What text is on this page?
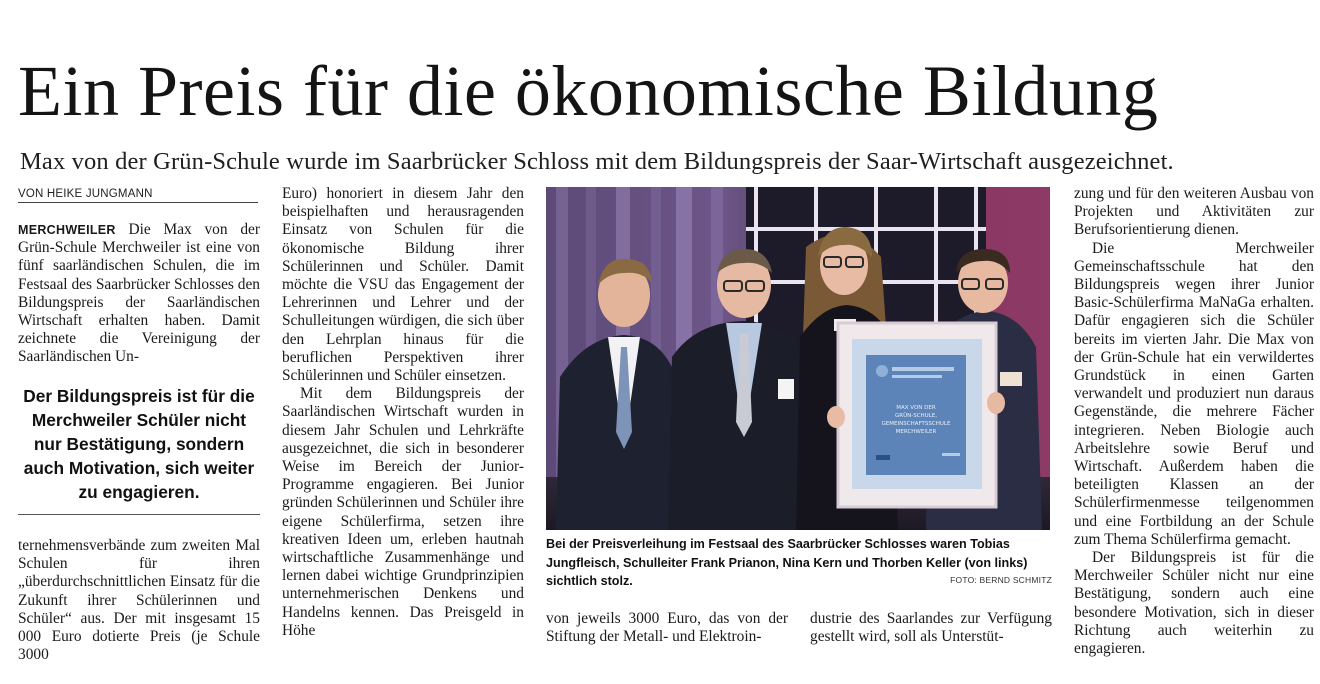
Ein Preis für die ökonomische Bildung
Max von der Grün-Schule wurde im Saarbrücker Schloss mit dem Bildungspreis der Saar-Wirtschaft ausgezeichnet.
VON HEIKE JUNGMANN

MERCHWEILER Die Max von der Grün-Schule Merchweiler ist eine von fünf saarländischen Schulen, die im Festsaal des Saarbrücker Schlosses den Bildungspreis der Saarländischen Wirtschaft erhalten haben. Damit zeichnete die Vereinigung der Saarländischen Un-

Der Bildungspreis ist für die Merchweiler Schüler nicht nur Bestätigung, sondern auch Motivation, sich weiter zu engagieren.

ternehmensverbände zum zweiten Mal Schulen für ihren „überdurchschnittlichen Einsatz für die Zukunft ihrer Schülerinnen und Schüler“ aus. Der mit insgesamt 15 000 Euro dotierte Preis (je Schule 3000

Euro) honoriert in diesem Jahr den beispielhaften und herausragenden Einsatz von Schulen für die ökonomische Bildung ihrer Schülerinnen und Schüler. Damit möchte die VSU das Engagement der Lehrerinnen und Lehrer und der Schulleitungen würdigen, die sich über den Lehrplan hinaus für die beruflichen Perspektiven ihrer Schülerinnen und Schüler einsetzen.

Mit dem Bildungspreis der Saarländischen Wirtschaft wurden in diesem Jahr Schulen und Lehrkräfte ausgezeichnet, die sich in besonderer Weise im Bereich der Junior-Programme engagieren. Bei Junior gründen Schülerinnen und Schüler ihre eigene Schülerfirma, setzen ihre kreativen Ideen um, erleben hautnah wirtschaftliche Zusammenhänge und lernen dabei wichtige Grundprinzipien unternehmerischen Denkens und Handelns kennen. Das Preisgeld in Höhe

MAX VON DER GRÜN-SCHULE, GEMEINSCHAFTSSCHULE MERCHWEILER
Bei der Preisverleihung im Festsaal des Saarbrücker Schlosses waren Tobias Jungfleisch, Schulleiter Frank Prianon, Nina Kern und Thorben Keller (von links) sichtlich stolz.	FOTO: BERND SCHMITZ

von jeweils 3000 Euro, das von der Stiftung der Metall- und Elektroin-

dustrie des Saarlandes zur Verfügung gestellt wird, soll als Unterstüt-

zung und für den weiteren Ausbau von Projekten und Aktivitäten zur Berufsorientierung dienen.

Die Merchweiler Gemeinschaftsschule hat den Bildungspreis wegen ihrer Junior Basic-Schülerfirma MaNaGa erhalten. Dafür engagieren sich die Schüler bereits im vierten Jahr. Die Max von der Grün-Schule hat ein verwildertes Grundstück in einen Garten verwandelt und produziert nun daraus Gegenstände, die mehrere Fächer integrieren. Neben Biologie auch Arbeitslehre sowie Beruf und Wirtschaft. Außerdem haben die beteiligten Klassen an der Schülerfirmenmesse teilgenommen und eine Fortbildung an der Schule zum Thema Schülerfirma gemacht.

Der Bildungspreis ist für die Merchweiler Schüler nicht nur eine Bestätigung, sondern auch eine besondere Motivation, sich in dieser Richtung auch weiterhin zu engagieren.
